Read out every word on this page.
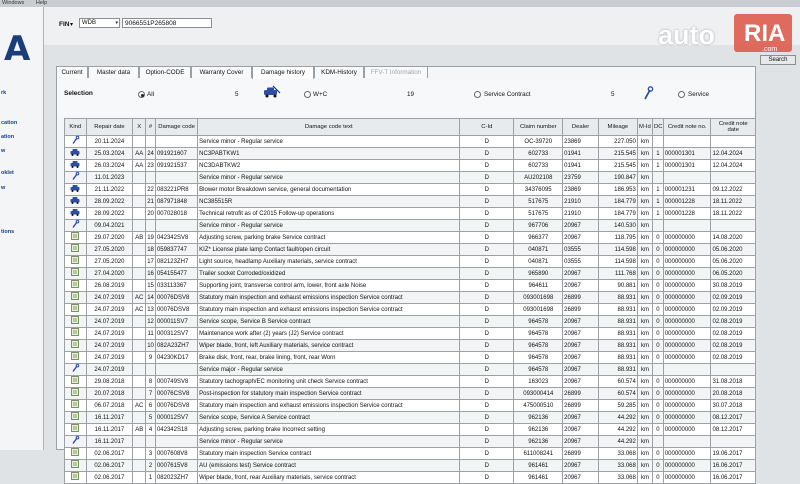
Windows Help
A
rk
cation
ation
w
oklet
w
tions
FIN ▾	WDB	▾	9066551P265808	auto RIA
.com
Search
Current	Master data	Option-CODE	Warranty Cover	Damage history	KDM-History	FFV-T Information
Selection	All	5	W+C	19	Service Contract	5	Service
Kind	Repair date	X	#	Damage code	Damage code text	C-Id	Claim number	Dealer	Mileage	M-Id	DC	Credit note no.	Credit note date
	20.11.2024				Service minor - Regular service	D	OC-39720	23869	227.050	km			
	25.03.2024	AA	24	091921607	NC3PABTKW1	D	602733	01941	215.545	km	1	000001301	12.04.2024
	26.03.2024	AA	23	091921537	NC3DABTKW2	D	602733	01941	215.545	km	1	000001301	12.04.2024
	11.01.2023				Service minor - Regular service	D	AU202108	23759	190.847	km			
	21.11.2022		22	083221PR8	Blower motor Breakdown service, general documentation	D	34376095	23869	186.953	km	1	000001231	09.12.2022
	28.09.2022		21	087971848	NC385515R	D	517675	21910	184.779	km	1	000001228	18.11.2022
	28.09.2022		20	007028018	Technical retrofit as of C2015 Follow-up operations	D	517675	21910	184.779	km	1	000001228	18.11.2022
	09.04.2021				Service minor - Regular service	D	967706	20967	140.530	km			
	29.07.2020	AB	19	042342SV8	Adjusting screw, parking brake Service contract	D	966377	20967	118.795	km	0	000000000	14.08.2020
	27.05.2020		18	059837747	KIZ* License plate lamp Contact fault/open circuit	D	040871	03555	114.598	km	0	000000000	05.06.2020
	27.05.2020		17	082123ZH7	Light source, headlamp Auxiliary materials, service contract	D	040871	03555	114.598	km	0	000000000	05.06.2020
	27.04.2020		16	054155477	Trailer socket Corroded/oxidized	D	965890	20967	111.768	km	0	000000000	06.05.2020
	26.08.2019		15	033113367	Supporting joint, transverse control arm, lower, front axle Noise	D	964611	20967	90.881	km	0	000000000	30.08.2019
	24.07.2019	AC	14	00076DSV8	Statutory main inspection and exhaust emissions inspection Service contract	D	093001698	26899	88.931	km	0	000000000	02.09.2019
	24.07.2019	AC	13	00076DSV8	Statutory main inspection and exhaust emissions inspection Service contract	D	093001698	26899	88.931	km	0	000000000	02.09.2019
	24.07.2019		12	000011SV7	Service scope, Service B Service contract	D	964578	20967	88.931	km	0	000000000	02.08.2019
	24.07.2019		11	000312SV7	Maintenance work after (2) years (J2) Service contract	D	964578	20967	88.931	km	0	000000000	02.08.2019
	24.07.2019		10	082A23ZH7	Wiper blade, front, left Auxiliary materials, service contract	D	964578	20967	88.931	km	0	000000000	02.08.2019
	24.07.2019		9	04230KD17	Brake disk, front, rear, brake lining, front, rear Worn	D	964578	20967	88.931	km	0	000000000	02.08.2019
	24.07.2019				Service major - Regular service	D	964578	20967	88.931	km			
	29.08.2018		8	000749SV8	Statutory tachograph/EC monitoring unit check Service contract	D	163023	20967	60.574	km	0	000000000	31.08.2018
	20.07.2018		7	00076CSV8	Post-inspection for statutory main inspection Service contract	D	093000414	26899	60.574	km	0	000000000	20.08.2018
	06.07.2018	AC	6	00076DSV8	Statutory main inspection and exhaust emissions inspection Service contract	D	475000510	26899	59.285	km	0	000000000	30.07.2018
	16.11.2017		5	000012SV7	Service scope, Service A Service contract	D	962136	20967	44.292	km	0	000000000	08.12.2017
	16.11.2017	AB	4	042342S18	Adjusting screw, parking brake Incorrect setting	D	962136	20967	44.292	km	0	000000000	08.12.2017
	16.11.2017				Service minor - Regular service	D	962136	20967	44.292	km			
	02.06.2017		3	0007608V8	Statutory main inspection Service contract	D	611008241	26899	33.068	km	0	000000000	19.06.2017
	02.06.2017		2	0007615V8	AU (emissions test) Service contract	D	961461	20967	33.068	km	0	000000000	16.06.2017
	02.06.2017		1	082023ZH7	Wiper blade, front, rear Auxiliary materials, service contract	D	961461	20967	33.068	km	0	000000000	16.06.2017
